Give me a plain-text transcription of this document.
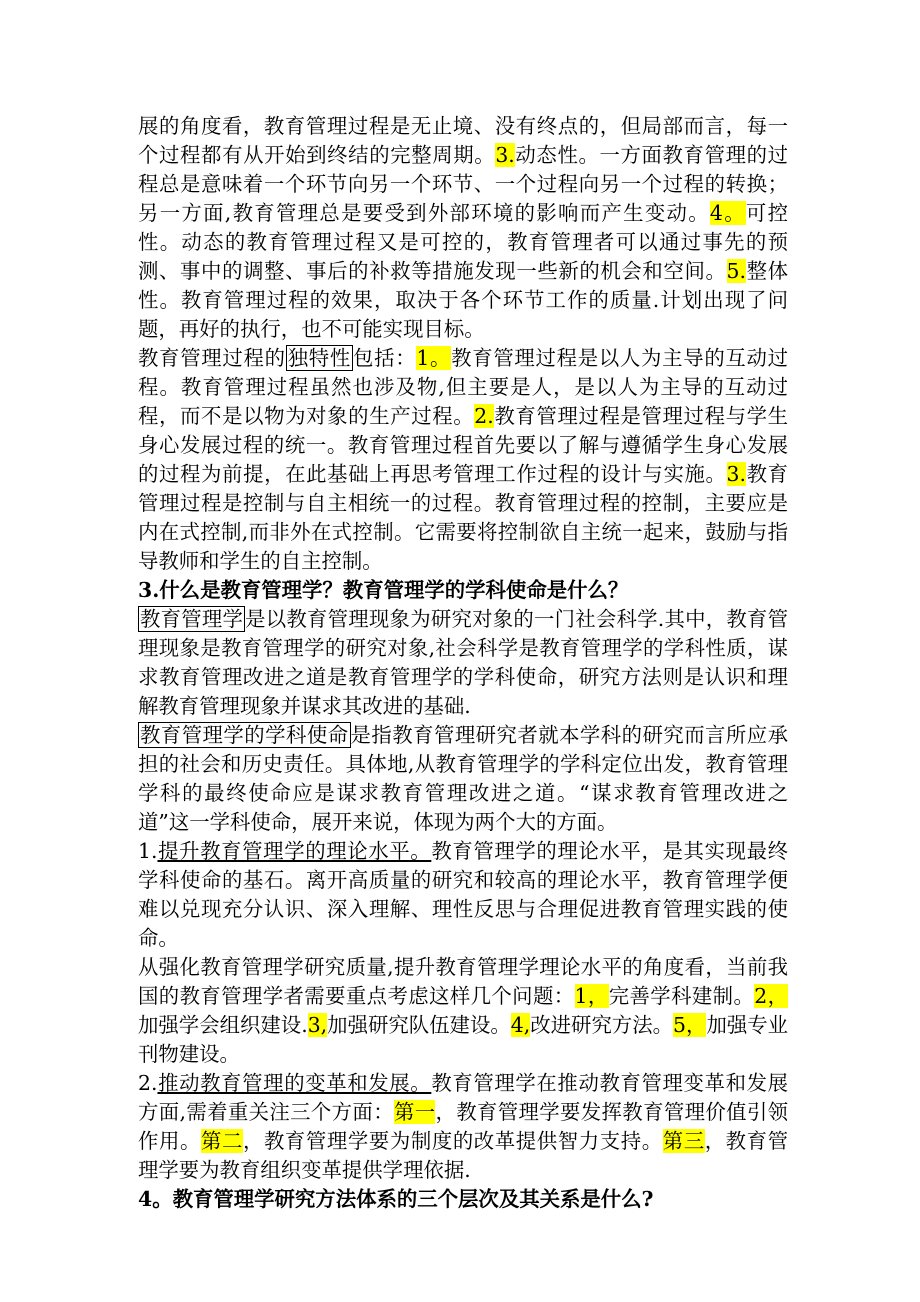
展的角度看，教育管理过程是无止境、没有终点的，但局部而言，每一个过程都有从开始到终结的完整周期。3.动态性。一方面教育管理的过程总是意味着一个环节向另一个环节、一个过程向另一个过程的转换；另一方面,教育管理总是要受到外部环境的影响而产生变动。4。可控性。动态的教育管理过程又是可控的，教育管理者可以通过事先的预测、事中的调整、事后的补救等措施发现一些新的机会和空间。5.整体性。教育管理过程的效果，取决于各个环节工作的质量.计划出现了问题，再好的执行，也不可能实现目标。

教育管理过程的独特性包括：1。教育管理过程是以人为主导的互动过程。教育管理过程虽然也涉及物,但主要是人，是以人为主导的互动过程，而不是以物为对象的生产过程。2.教育管理过程是管理过程与学生身心发展过程的统一。教育管理过程首先要以了解与遵循学生身心发展的过程为前提，在此基础上再思考管理工作过程的设计与实施。3.教育管理过程是控制与自主相统一的过程。教育管理过程的控制，主要应是内在式控制,而非外在式控制。它需要将控制欲自主统一起来，鼓励与指导教师和学生的自主控制。

3.什么是教育管理学？教育管理学的学科使命是什么？

教育管理学是以教育管理现象为研究对象的一门社会科学.其中，教育管理现象是教育管理学的研究对象,社会科学是教育管理学的学科性质，谋求教育管理改进之道是教育管理学的学科使命，研究方法则是认识和理解教育管理现象并谋求其改进的基础.

教育管理学的学科使命是指教育管理研究者就本学科的研究而言所应承担的社会和历史责任。具体地,从教育管理学的学科定位出发，教育管理学科的最终使命应是谋求教育管理改进之道。“谋求教育管理改进之道”这一学科使命，展开来说，体现为两个大的方面。

1.提升教育管理学的理论水平。教育管理学的理论水平，是其实现最终学科使命的基石。离开高质量的研究和较高的理论水平，教育管理学便难以兑现充分认识、深入理解、理性反思与合理促进教育管理实践的使命。

从强化教育管理学研究质量,提升教育管理学理论水平的角度看，当前我国的教育管理学者需要重点考虑这样几个问题：1，完善学科建制。2，加强学会组织建设.3,加强研究队伍建设。4,改进研究方法。5，加强专业刊物建设。

2.推动教育管理的变革和发展。教育管理学在推动教育管理变革和发展方面,需着重关注三个方面：第一，教育管理学要发挥教育管理价值引领作用。第二，教育管理学要为制度的改革提供智力支持。第三，教育管理学要为教育组织变革提供学理依据.

4。教育管理学研究方法体系的三个层次及其关系是什么?
